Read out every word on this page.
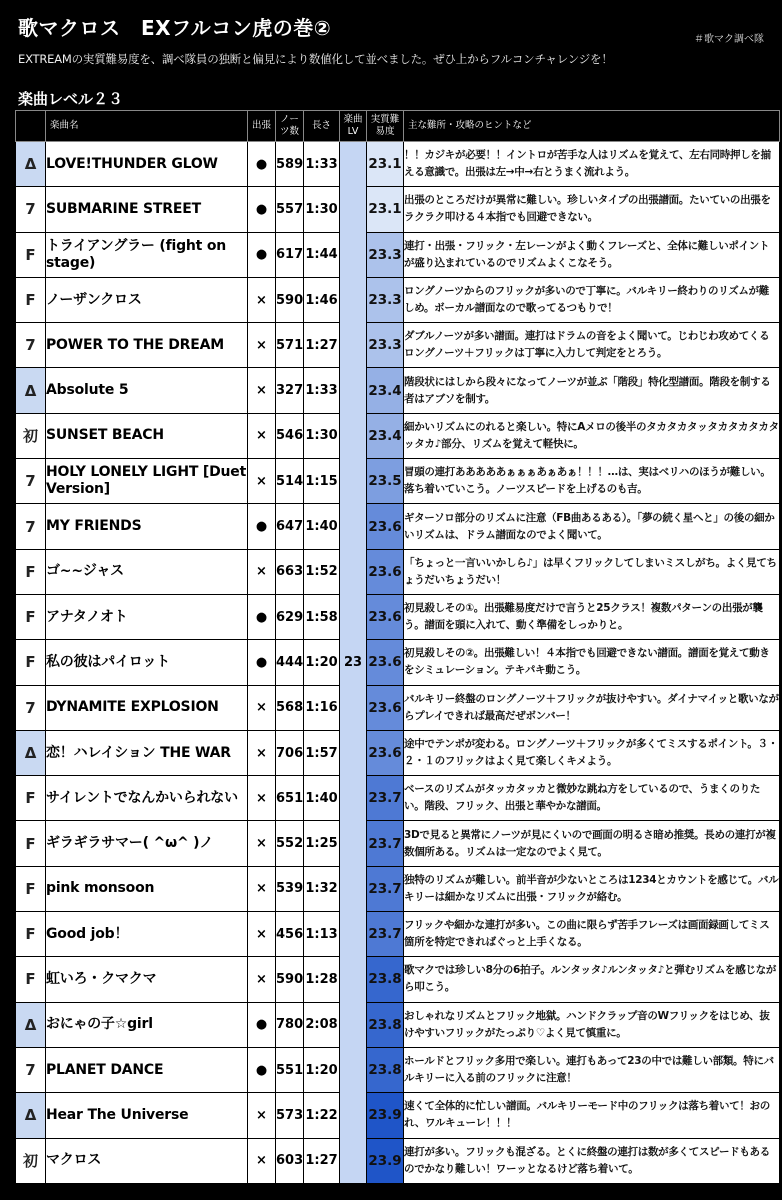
歌マクロス　EXフルコン虎の巻②	＃歌マク調べ隊
EXTREAMの実質難易度を、調べ隊員の独断と偏見により数値化して並べました。ぜひ上からフルコンチャレンジを！
楽曲レベル２３
	楽曲名	出張	ノーツ数	長さ	楽曲LV	実質難易度	主な難所・攻略のヒントなど
Δ	LOVE!THUNDER GLOW	●	589	1:33	23	23.1	！！カジキが必要！！イントロが苦手な人はリズムを覚えて、左右同時押しを揃える意識で。出張は左→中→右とうまく流れよう。
7	SUBMARINE STREET	●	557	1:30		23.1	出張のところだけが異常に難しい。珍しいタイプの出張譜面。たいていの出張をラクラク叩ける４本指でも回避できない。
F	トライアングラー (fight on stage)	●	617	1:44		23.3	連打・出張・フリック・左レーンがよく動くフレーズと、全体に難しいポイントが盛り込まれているのでリズムよくこなそう。
F	ノーザンクロス	×	590	1:46		23.3	ロングノーツからのフリックが多いので丁寧に。バルキリー終わりのリズムが難しめ。ボーカル譜面なので歌ってるつもりで！
7	POWER TO THE DREAM	×	571	1:27		23.3	ダブルノーツが多い譜面。連打はドラムの音をよく聞いて。じわじわ攻めてくるロングノーツ＋フリックは丁寧に入力して判定をとろう。
Δ	Absolute 5	×	327	1:33		23.4	階段状にはしから段々になってノーツが並ぶ「階段」特化型譜面。階段を制する者はアブソを制す。
初	SUNSET BEACH	×	546	1:30		23.4	細かいリズムにのれると楽しい。特にAメロの後半のタカタカタッタカタカタカタッタカ♪部分、リズムを覚えて軽快に。
7	HOLY LONELY LIGHT [Duet Version]	×	514	1:15		23.5	冒頭の連打あああああぁぁぁあぁあぁ！！！…は、実はベリハのほうが難しい。落ち着いていこう。ノーツスピードを上げるのも吉。
7	MY FRIENDS	●	647	1:40		23.6	ギターソロ部分のリズムに注意（FB曲あるある）。「夢の続く星へと」の後の細かいリズムは、ドラム譜面なのでよく聞いて。
F	ゴ~~ジャス	×	663	1:52		23.6	「ちょっと一言いいかしら♪」は早くフリックしてしまいミスしがち。よく見てちょうだいちょうだい！
F	アナタノオト	●	629	1:58		23.6	初見殺しその①。出張難易度だけで言うと25クラス！複数パターンの出張が襲う。譜面を頭に入れて、動く準備をしっかりと。
F	私の彼はパイロット	●	444	1:20		23.6	初見殺しその②。出張難しい！４本指でも回避できない譜面。譜面を覚えて動きをシミュレーション。テキパキ動こう。
7	DYNAMITE EXPLOSION	×	568	1:16		23.6	バルキリー終盤のロングノーツ＋フリックが抜けやすい。ダイナマイッと歌いながらプレイできれば最高だぜボンバー！
Δ	恋！ハレイション THE WAR	×	706	1:57		23.6	途中でテンポが変わる。ロングノーツ＋フリックが多くてミスするポイント。３・２・１のフリックはよく見て楽しくキメよう。
F	サイレントでなんかいられない	×	651	1:40		23.7	ベースのリズムがタッカタッカと微妙な跳ね方をしているので、うまくのりたい。階段、フリック、出張と華やかな譜面。
F	ギラギラサマー( ^ω^ )ノ	×	552	1:25		23.7	3Dで見ると異常にノーツが見にくいので画面の明るさ暗め推奨。長めの連打が複数個所ある。リズムは一定なのでよく見て。
F	pink monsoon	×	539	1:32		23.7	独特のリズムが難しい。前半音が少ないところは1234とカウントを感じて。バルキリーは細かなリズムに出張・フリックが絡む。
F	Good job！	×	456	1:13		23.7	フリックや細かな連打が多い。この曲に限らず苦手フレーズは画面録画してミス箇所を特定できればぐっと上手くなる。
F	虹いろ・クマクマ	×	590	1:28		23.8	歌マクでは珍しい8分の6拍子。ルンタッタ♪ルンタッタ♪と弾むリズムを感じながら叩こう。
Δ	おにゃの子☆girl	●	780	2:08		23.8	おしゃれなリズムとフリック地獄。ハンドクラップ音のWフリックをはじめ、抜けやすいフリックがたっぷり♡よく見て慎重に。
7	PLANET DANCE	●	551	1:20		23.8	ホールドとフリック多用で楽しい。連打もあって23の中では難しい部類。特にバルキリーに入る前のフリックに注意！
Δ	Hear The Universe	×	573	1:22		23.9	速くて全体的に忙しい譜面。バルキリーモード中のフリックは落ち着いて！おのれ、ワルキューレ！！！
初	マクロス	×	603	1:27		23.9	連打が多い。フリックも混ざる。とくに終盤の連打は数が多くてスピードもあるのでかなり難しい！ワーッとなるけど落ち着いて。
